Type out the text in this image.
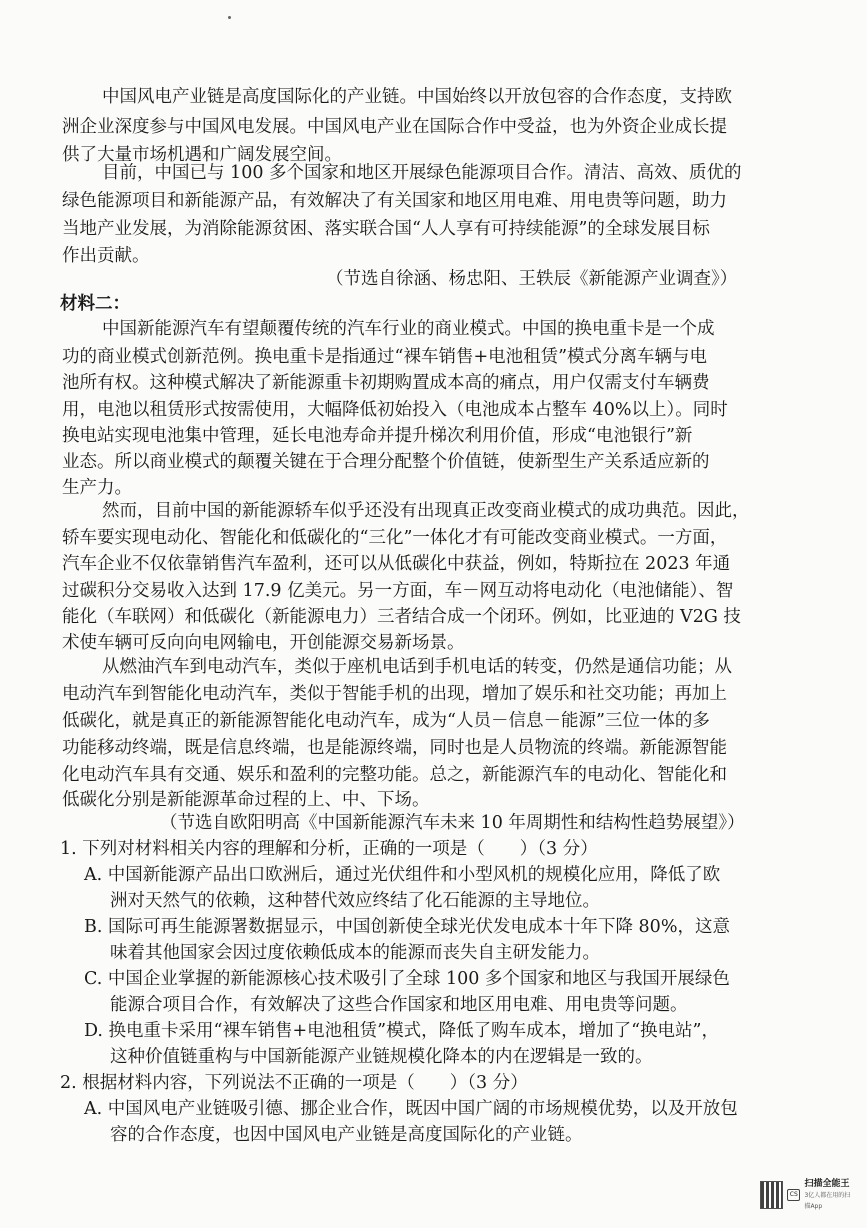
中国风电产业链是高度国际化的产业链。中国始终以开放包容的合作态度，支持欧
洲企业深度参与中国风电发展。中国风电产业在国际合作中受益，也为外资企业成长提
供了大量市场机遇和广阔发展空间。
目前，中国已与 100 多个国家和地区开展绿色能源项目合作。清洁、高效、质优的
绿色能源项目和新能源产品，有效解决了有关国家和地区用电难、用电贵等问题，助力
当地产业发展，为消除能源贫困、落实联合国“人人享有可持续能源”的全球发展目标
作出贡献。
（节选自徐涵、杨忠阳、王轶辰《新能源产业调查》）
材料二：
中国新能源汽车有望颠覆传统的汽车行业的商业模式。中国的换电重卡是一个成
功的商业模式创新范例。换电重卡是指通过“裸车销售+电池租赁”模式分离车辆与电
池所有权。这种模式解决了新能源重卡初期购置成本高的痛点，用户仅需支付车辆费
用，电池以租赁形式按需使用，大幅降低初始投入（电池成本占整车 40%以上）。同时
换电站实现电池集中管理，延长电池寿命并提升梯次利用价值，形成“电池银行”新
业态。所以商业模式的颠覆关键在于合理分配整个价值链，使新型生产关系适应新的
生产力。
然而，目前中国的新能源轿车似乎还没有出现真正改变商业模式的成功典范。因此，
轿车要实现电动化、智能化和低碳化的“三化”一体化才有可能改变商业模式。一方面，
汽车企业不仅依靠销售汽车盈利，还可以从低碳化中获益，例如，特斯拉在 2023 年通
过碳积分交易收入达到 17.9 亿美元。另一方面，车－网互动将电动化（电池储能）、智
能化（车联网）和低碳化（新能源电力）三者结合成一个闭环。例如，比亚迪的 V2G 技
术使车辆可反向向电网输电，开创能源交易新场景。
从燃油汽车到电动汽车，类似于座机电话到手机电话的转变，仍然是通信功能；从
电动汽车到智能化电动汽车，类似于智能手机的出现，增加了娱乐和社交功能；再加上
低碳化，就是真正的新能源智能化电动汽车，成为“人员－信息－能源”三位一体的多
功能移动终端，既是信息终端，也是能源终端，同时也是人员物流的终端。新能源智能
化电动汽车具有交通、娱乐和盈利的完整功能。总之，新能源汽车的电动化、智能化和
低碳化分别是新能源革命过程的上、中、下场。
（节选自欧阳明高《中国新能源汽车未来 10 年周期性和结构性趋势展望》）
1. 下列对材料相关内容的理解和分析，正确的一项是（　　）（3 分）
A. 中国新能源产品出口欧洲后，通过光伏组件和小型风机的规模化应用，降低了欧
洲对天然气的依赖，这种替代效应终结了化石能源的主导地位。
B. 国际可再生能源署数据显示，中国创新使全球光伏发电成本十年下降 80%，这意
味着其他国家会因过度依赖低成本的能源而丧失自主研发能力。
C. 中国企业掌握的新能源核心技术吸引了全球 100 多个国家和地区与我国开展绿色
能源合项目合作，有效解决了这些合作国家和地区用电难、用电贵等问题。
D. 换电重卡采用“裸车销售+电池租赁”模式，降低了购车成本，增加了“换电站”，
这种价值链重构与中国新能源产业链规模化降本的内在逻辑是一致的。
2. 根据材料内容，下列说法不正确的一项是（　　）（3 分）
A. 中国风电产业链吸引德、挪企业合作，既因中国广阔的市场规模优势，以及开放包
容的合作态度，也因中国风电产业链是高度国际化的产业链。
CS
扫描全能王
3亿人都在用的扫描App
